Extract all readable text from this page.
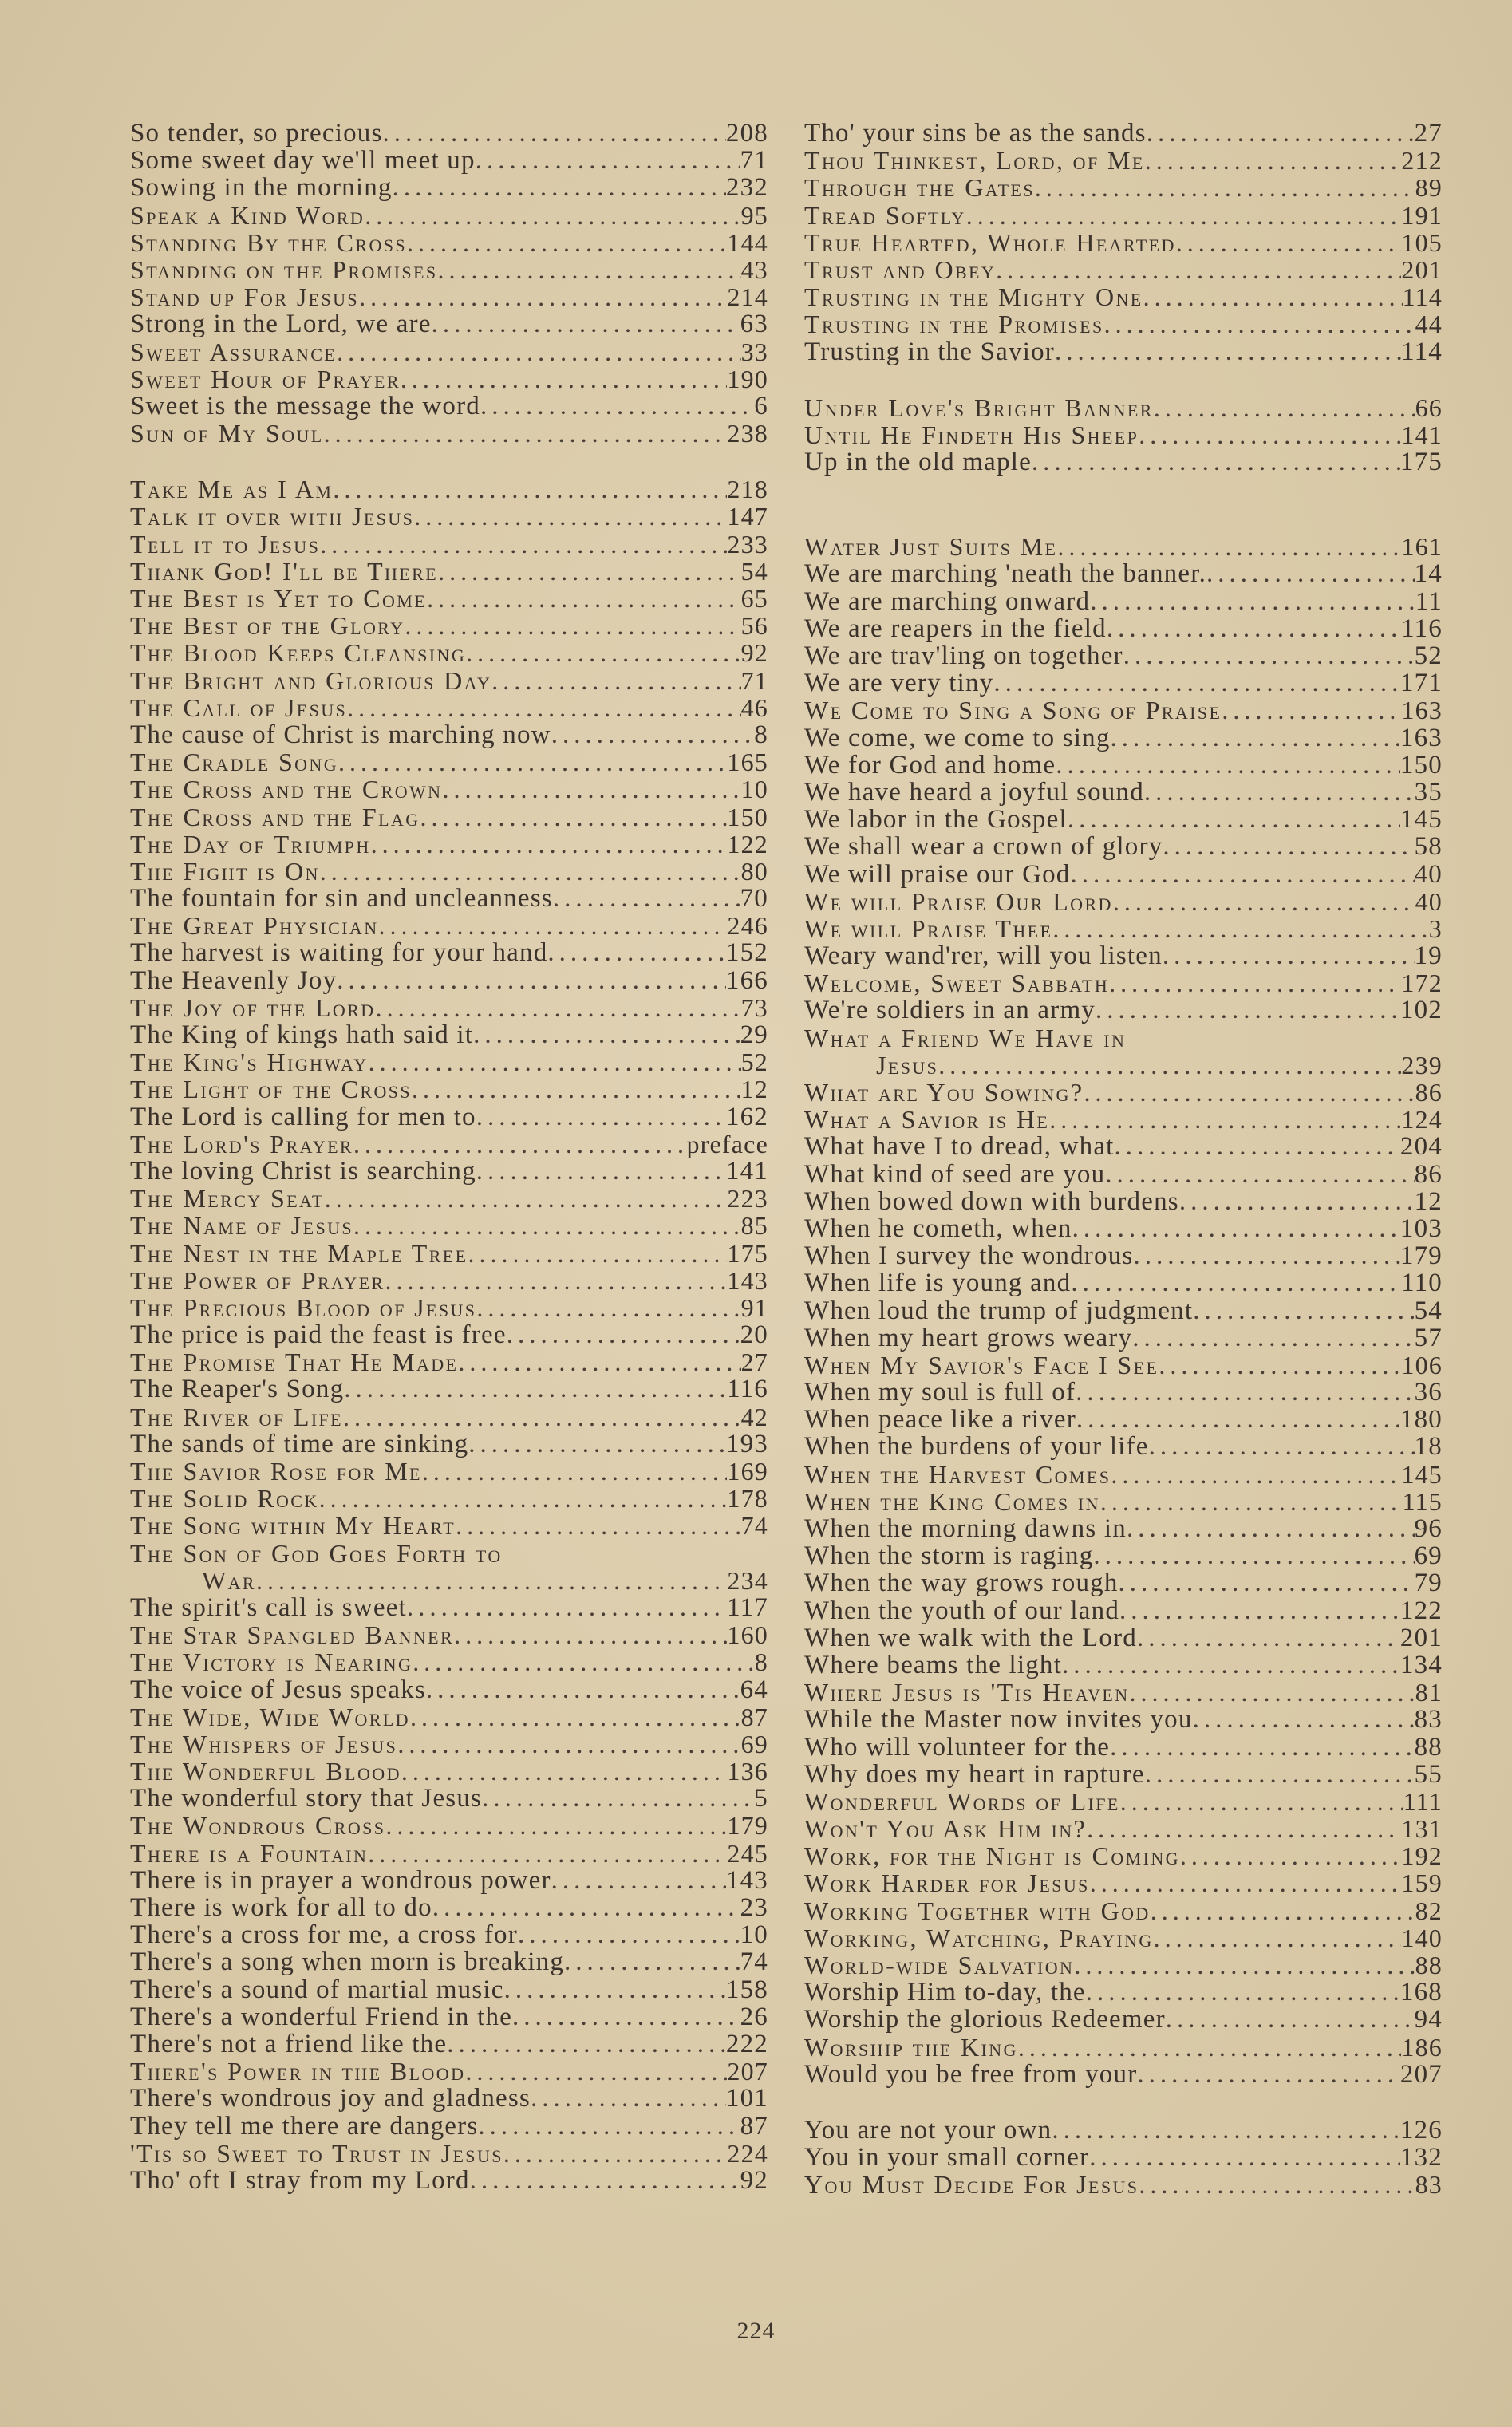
So tender, so precious .....	208
Some sweet day we'll meet up .....	71
Sowing in the morning .....	232
Speak a Kind Word .....	95
Standing By the Cross .....	144
Standing on the Promises .....	43
Stand up For Jesus .....	214
Strong in the Lord, we are .....	63
Sweet Assurance .....	33
Sweet Hour of Prayer .....	190
Sweet is the message the word .....	6
Sun of My Soul .....	238
Take Me as I Am .....	218
Talk it over with Jesus .....	147
Tell it to Jesus .....	233
Thank God! I'll be There .....	54
The Best is Yet to Come .....	65
The Best of the Glory .....	56
The Blood Keeps Cleansing .....	92
The Bright and Glorious Day .....	71
The Call of Jesus .....	46
The cause of Christ is marching now .....	8
The Cradle Song .....	165
The Cross and the Crown .....	10
The Cross and the Flag .....	150
The Day of Triumph .....	122
The Fight is On .....	80
The fountain for sin and uncleanness .....	70
The Great Physician .....	246
The harvest is waiting for your hand .....	152
The Heavenly Joy .....	166
The Joy of the Lord .....	73
The King of kings hath said it .....	29
The King's Highway .....	52
The Light of the Cross .....	12
The Lord is calling for men to .....	162
The Lord's Prayer .....	preface
The loving Christ is searching .....	141
The Mercy Seat .....	223
The Name of Jesus .....	85
The Nest in the Maple Tree .....	175
The Power of Prayer .....	143
The Precious Blood of Jesus .....	91
The price is paid the feast is free .....	20
The Promise That He Made .....	27
The Reaper's Song .....	116
The River of Life .....	42
The sands of time are sinking .....	193
The Savior Rose for Me .....	169
The Solid Rock .....	178
The Song within My Heart .....	74
The Son of God Goes Forth to
War .....	234
The spirit's call is sweet .....	117
The Star Spangled Banner .....	160
The Victory is Nearing .....	8
The voice of Jesus speaks .....	64
The Wide, Wide World .....	87
The Whispers of Jesus .....	69
The Wonderful Blood .....	136
The wonderful story that Jesus .....	5
The Wondrous Cross .....	179
There is a Fountain .....	245
There is in prayer a wondrous power .....	143
There is work for all to do .....	23
There's a cross for me, a cross for .....	10
There's a song when morn is breaking .....	74
There's a sound of martial music .....	158
There's a wonderful Friend in the .....	26
There's not a friend like the .....	222
There's Power in the Blood .....	207
There's wondrous joy and gladness .....	101
They tell me there are dangers .....	87
'Tis so Sweet to Trust in Jesus .....	224
Tho' oft I stray from my Lord .....	92
Tho' your sins be as the sands .....	27
Thou Thinkest, Lord, of Me .....	212
Through the Gates .....	89
Tread Softly .....	191
True Hearted, Whole Hearted .....	105
Trust and Obey .....	201
Trusting in the Mighty One .....	114
Trusting in the Promises .....	44
Trusting in the Savior .....	114
Under Love's Bright Banner .....	66
Until He Findeth His Sheep .....	141
Up in the old maple .....	175
Water Just Suits Me .....	161
We are marching 'neath the banner. .....	14
We are marching onward .....	11
We are reapers in the field .....	116
We are trav'ling on together .....	52
We are very tiny .....	171
We Come to Sing a Song of Praise .....	163
We come, we come to sing .....	163
We for God and home .....	150
We have heard a joyful sound .....	35
We labor in the Gospel .....	145
We shall wear a crown of glory .....	58
We will praise our God .....	40
We will Praise Our Lord .....	40
We will Praise Thee .....	3
Weary wand'rer, will you listen .....	19
Welcome, Sweet Sabbath .....	172
We're soldiers in an army .....	102
What a Friend We Have in
Jesus .....	239
What are You Sowing? .....	86
What a Savior is He .....	124
What have I to dread, what .....	204
What kind of seed are you .....	86
When bowed down with burdens .....	12
When he cometh, when .....	103
When I survey the wondrous .....	179
When life is young and .....	110
When loud the trump of judgment .....	54
When my heart grows weary .....	57
When My Savior's Face I See .....	106
When my soul is full of .....	36
When peace like a river .....	180
When the burdens of your life .....	18
When the Harvest Comes .....	145
When the King Comes in .....	115
When the morning dawns in .....	96
When the storm is raging .....	69
When the way grows rough .....	79
When the youth of our land .....	122
When we walk with the Lord .....	201
Where beams the light .....	134
Where Jesus is 'Tis Heaven .....	81
While the Master now invites you .....	83
Who will volunteer for the .....	88
Why does my heart in rapture .....	55
Wonderful Words of Life .....	111
Won't You Ask Him in? .....	131
Work, for the Night is Coming .....	192
Work Harder for Jesus .....	159
Working Together with God .....	82
Working, Watching, Praying .....	140
World-wide Salvation .....	88
Worship Him to-day, the .....	168
Worship the glorious Redeemer .....	94
Worship the King .....	186
Would you be free from your .....	207
You are not your own .....	126
You in your small corner .....	132
You Must Decide For Jesus .....	83
224
